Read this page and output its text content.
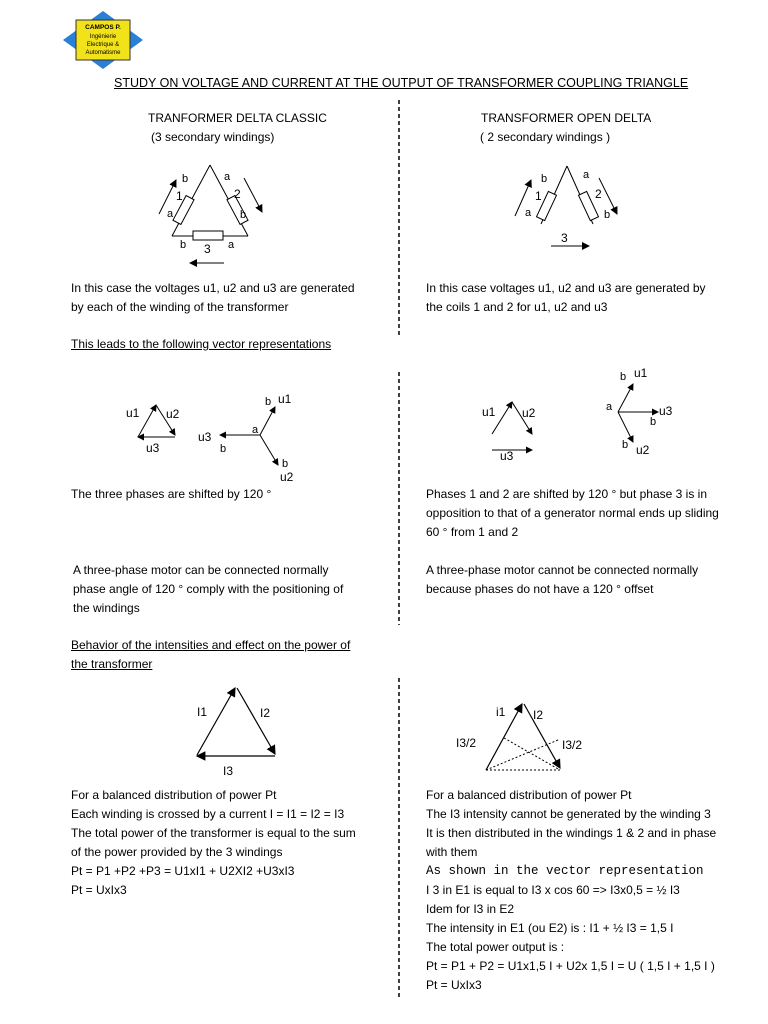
CAMPOS P.
Ingénierie
Electrique &
Automatisme
STUDY ON VOLTAGE AND CURRENT AT THE OUTPUT OF TRANSFORMER COUPLING TRIANGLE
TRANFORMER DELTA CLASSIC
(3 secondary windings)
TRANSFORMER OPEN DELTA
( 2 secondary windings )
b
1
a
a
2
b
b 3 a
b
1
a
a
2
b
3
In this case the voltages u1, u2 and u3 are generated
by each of the winding of the transformer
In this case voltages u1, u2 and u3 are generated by
the coils 1 and 2 for u1, u2 and u3
This leads to the following vector representations
u1 u2
u3
b u1
a
u3
b
b
u2
u1 u2
u3
b u1
a	u3
b
b u2
The three phases are shifted by 120 °	Phases 1 and 2 are shifted by 120 ° but phase 3 is in
opposition to that of a generator normal ends up sliding
60 ° from 1 and 2
A three-phase motor can be connected normally
phase angle of 120 ° comply with the positioning of
the windings
A three-phase motor cannot be connected normally
because phases do not have a 120 ° offset
Behavior of the intensities and effect on the power of
the transformer
I1	I2
I3
i1 I2
I3/2	I3/2
For a balanced distribution of power Pt
Each winding is crossed by a current I = I1 = I2 = I3
The total power of the transformer is equal to the sum
of the power provided by the 3 windings
Pt = P1 +P2 +P3 = U1xI1 + U2XI2 +U3xI3
Pt = UxIx3
For a balanced distribution of power Pt
The I3 intensity cannot be generated by the winding 3
It is then distributed in the windings 1 & 2 and in phase
with them
As shown in the vector representation
I 3 in E1 is equal to I3 x cos 60 => I3x0,5 = ½ I3
Idem for I3 in E2
The intensity in E1 (ou E2) is : I1 + ½ I3 = 1,5 I
The total power output is :
Pt = P1 + P2 = U1x1,5 I + U2x 1,5 I = U ( 1,5 I + 1,5 I )
Pt = UxIx3
